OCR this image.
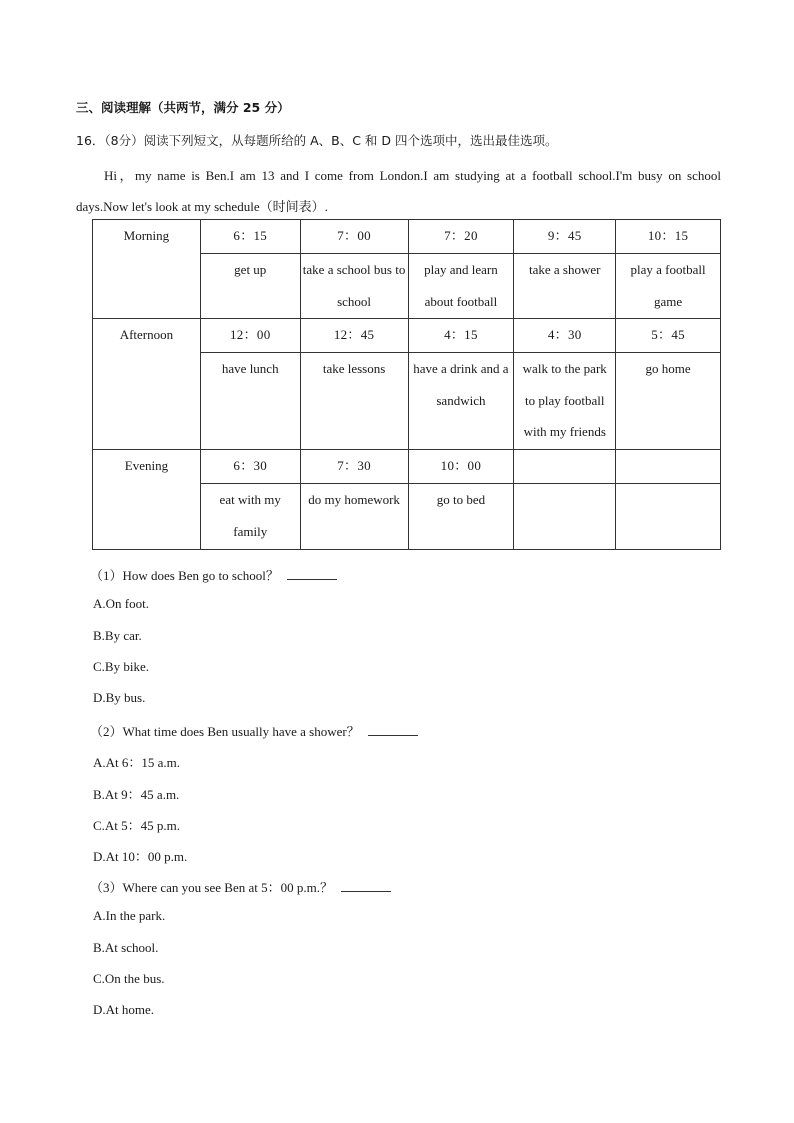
三、阅读理解（共两节，满分 25 分）
16．（8分）阅读下列短文，从每题所给的 A、B、C 和 D 四个选项中，选出最佳选项。
Hi，my name is Ben.I am 13 and I come from London.I am studying at a football school.I'm busy on school days.Now let's look at my schedule（时间表）.
Morning	6：15	7：00	7：20	9：45	10：15
	get up	take a school bus to school	play and learn about football	take a shower	play a football game
Afternoon	12：00	12：45	4：15	4：30	5：45
	have lunch	take lessons	have a drink and a sandwich	walk to the park to play football with my friends	go home
Evening	6：30	7：30	10：00		
	eat with my family	do my homework	go to bed		
（1）How does Ben go to school？
A.On foot.
B.By car.
C.By bike.
D.By bus.
（2）What time does Ben usually have a shower？
A.At 6：15 a.m.
B.At 9：45 a.m.
C.At 5：45 p.m.
D.At 10：00 p.m.
（3）Where can you see Ben at 5：00 p.m.？
A.In the park.
B.At school.
C.On the bus.
D.At home.
